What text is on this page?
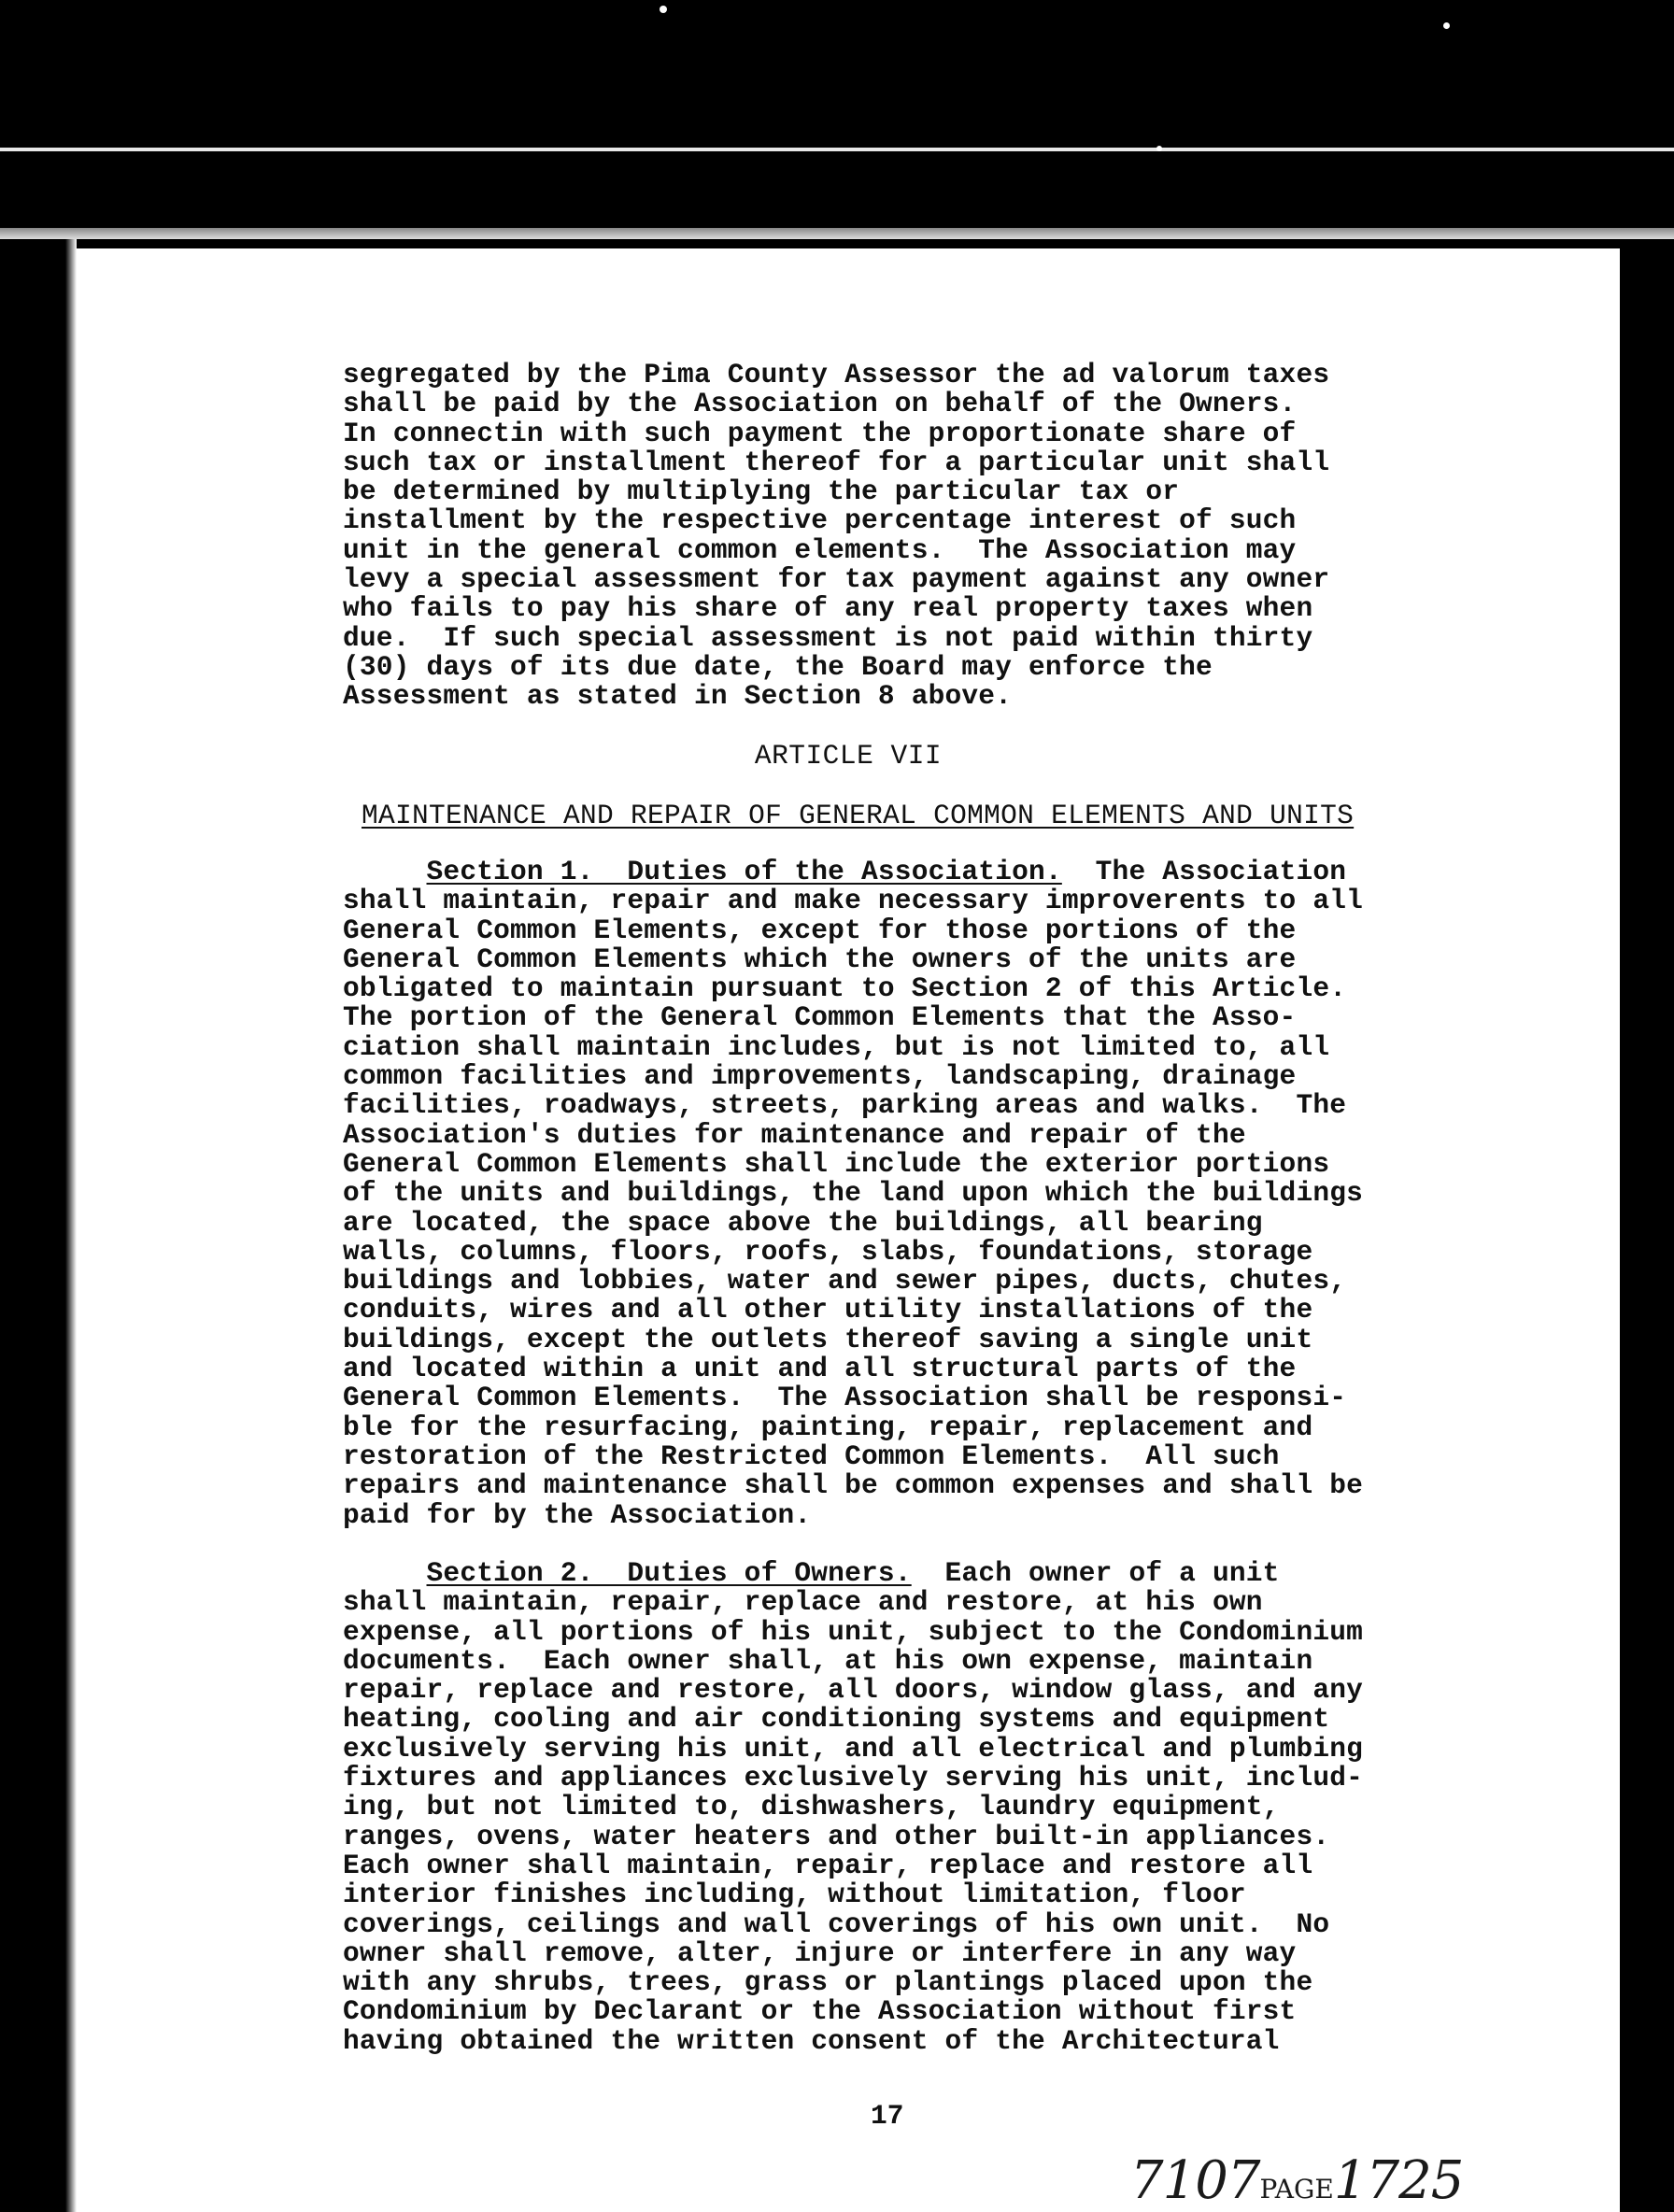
segregated by the Pima County Assessor the ad valorum taxes
shall be paid by the Association on behalf of the Owners.
In connectin with such payment the proportionate share of
such tax or installment thereof for a particular unit shall
be determined by multiplying the particular tax or
installment by the respective percentage interest of such
unit in the general common elements.  The Association may
levy a special assessment for tax payment against any owner
who fails to pay his share of any real property taxes when
due.  If such special assessment is not paid within thirty
(30) days of its due date, the Board may enforce the
Assessment as stated in Section 8 above.
ARTICLE VII
MAINTENANCE AND REPAIR OF GENERAL COMMON ELEMENTS AND UNITS
Section 1.  Duties of the Association.  The Association
shall maintain, repair and make necessary improverents to all
General Common Elements, except for those portions of the
General Common Elements which the owners of the units are
obligated to maintain pursuant to Section 2 of this Article.
The portion of the General Common Elements that the Asso-
ciation shall maintain includes, but is not limited to, all
common facilities and improvements, landscaping, drainage
facilities, roadways, streets, parking areas and walks.  The
Association's duties for maintenance and repair of the
General Common Elements shall include the exterior portions
of the units and buildings, the land upon which the buildings
are located, the space above the buildings, all bearing
walls, columns, floors, roofs, slabs, foundations, storage
buildings and lobbies, water and sewer pipes, ducts, chutes,
conduits, wires and all other utility installations of the
buildings, except the outlets thereof saving a single unit
and located within a unit and all structural parts of the
General Common Elements.  The Association shall be responsi-
ble for the resurfacing, painting, repair, replacement and
restoration of the Restricted Common Elements.  All such
repairs and maintenance shall be common expenses and shall be
paid for by the Association.
Section 2.  Duties of Owners.  Each owner of a unit
shall maintain, repair, replace and restore, at his own
expense, all portions of his unit, subject to the Condominium
documents.  Each owner shall, at his own expense, maintain
repair, replace and restore, all doors, window glass, and any
heating, cooling and air conditioning systems and equipment
exclusively serving his unit, and all electrical and plumbing
fixtures and appliances exclusively serving his unit, includ-
ing, but not limited to, dishwashers, laundry equipment,
ranges, ovens, water heaters and other built-in appliances.
Each owner shall maintain, repair, replace and restore all
interior finishes including, without limitation, floor
coverings, ceilings and wall coverings of his own unit.  No
owner shall remove, alter, injure or interfere in any way
with any shrubs, trees, grass or plantings placed upon the
Condominium by Declarant or the Association without first
having obtained the written consent of the Architectural
17
7107PAGE1725
